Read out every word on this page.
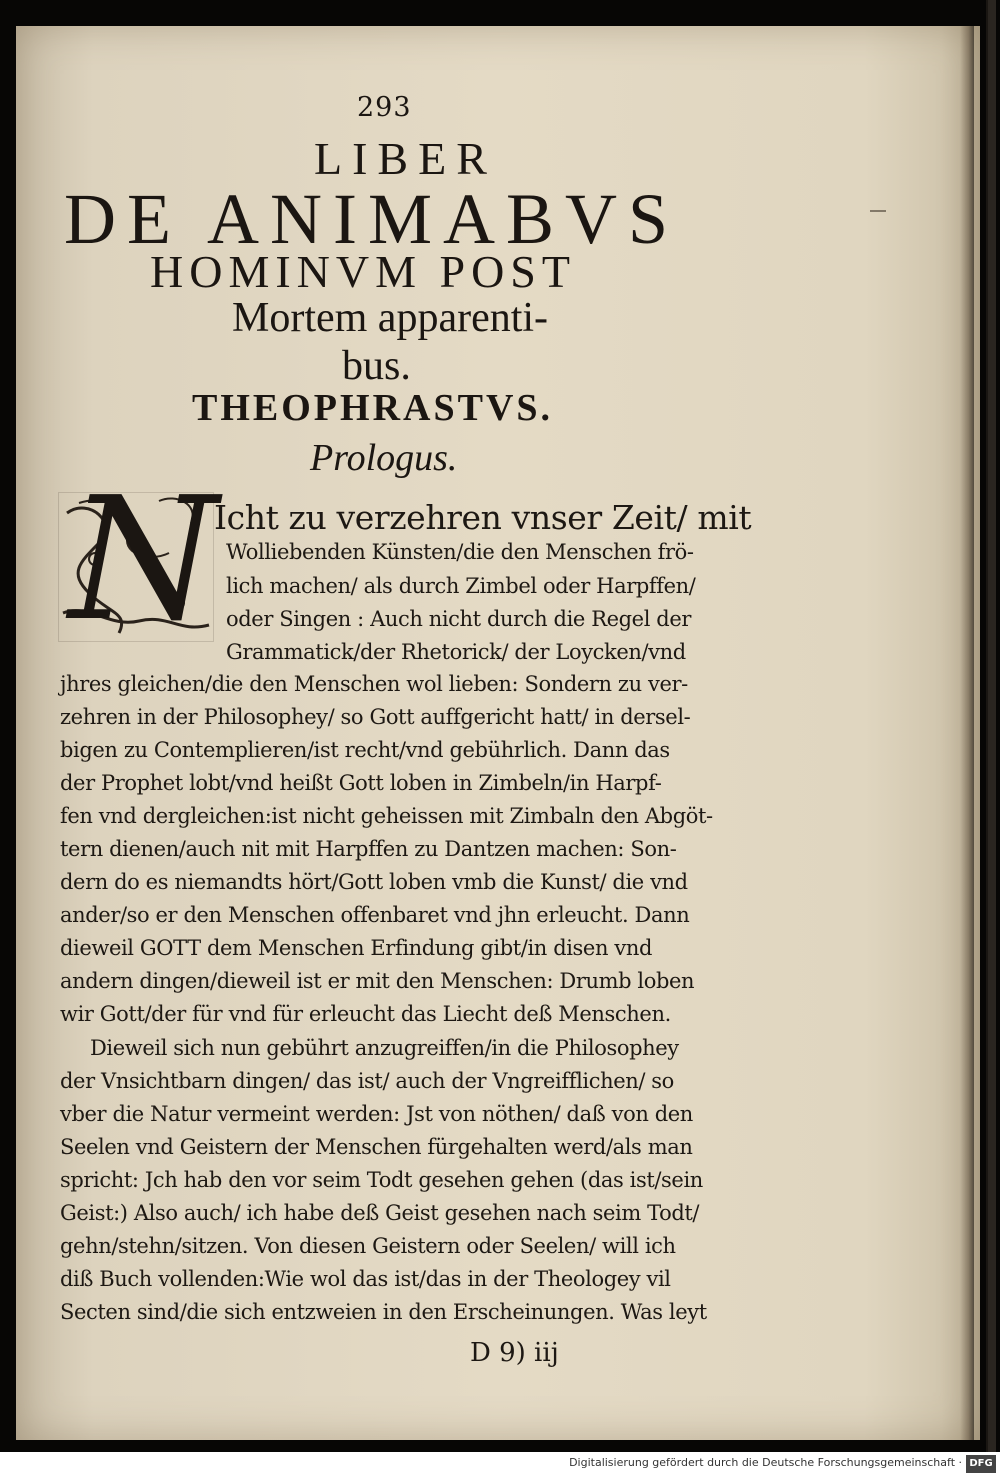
293
LIBER
DE ANIMABVS
HOMINVM POST
Mortem apparenti-
bus.
THEOPHRASTVS.
Prologus.
N
Icht zu verzehren vnser Zeit/ mit
Wolliebenden Künsten/die den Menschen frö-
lich machen/ als durch Zimbel oder Harpffen/
oder Singen : Auch nicht durch die Regel der
Grammatick/der Rhetorick/ der Loycken/vnd
jhres gleichen/die den Menschen wol lieben: Sondern zu ver-
zehren in der Philosophey/ so Gott auffgericht hatt/ in dersel-
bigen zu Contemplieren/ist recht/vnd gebührlich. Dann das
der Prophet lobt/vnd heißt Gott loben in Zimbeln/in Harpf-
fen vnd dergleichen:ist nicht geheissen mit Zimbaln den Abgöt-
tern dienen/auch nit mit Harpffen zu Dantzen machen: Son-
dern do es niemandts hört/Gott loben vmb die Kunst/ die vnd
ander/so er den Menschen offenbaret vnd jhn erleucht. Dann
dieweil GOTT dem Menschen Erfindung gibt/in disen vnd
andern dingen/dieweil ist er mit den Menschen: Drumb loben
wir Gott/der für vnd für erleucht das Liecht deß Menschen.
Dieweil sich nun gebührt anzugreiffen/in die Philosophey
der Vnsichtbarn dingen/ das ist/ auch der Vngreifflichen/ so
vber die Natur vermeint werden: Jst von nöthen/ daß von den
Seelen vnd Geistern der Menschen fürgehalten werd/als man
spricht: Jch hab den vor seim Todt gesehen gehen (das ist/sein
Geist:) Also auch/ ich habe deß Geist gesehen nach seim Todt/
gehn/stehn/sitzen. Von diesen Geistern oder Seelen/ will ich
diß Buch vollenden:Wie wol das ist/das in der Theologey vil
Secten sind/die sich entzweien in den Erscheinungen. Was leyt
D 9) iij
Digitalisierung gefördert durch die Deutsche Forschungsgemeinschaft · DFG
